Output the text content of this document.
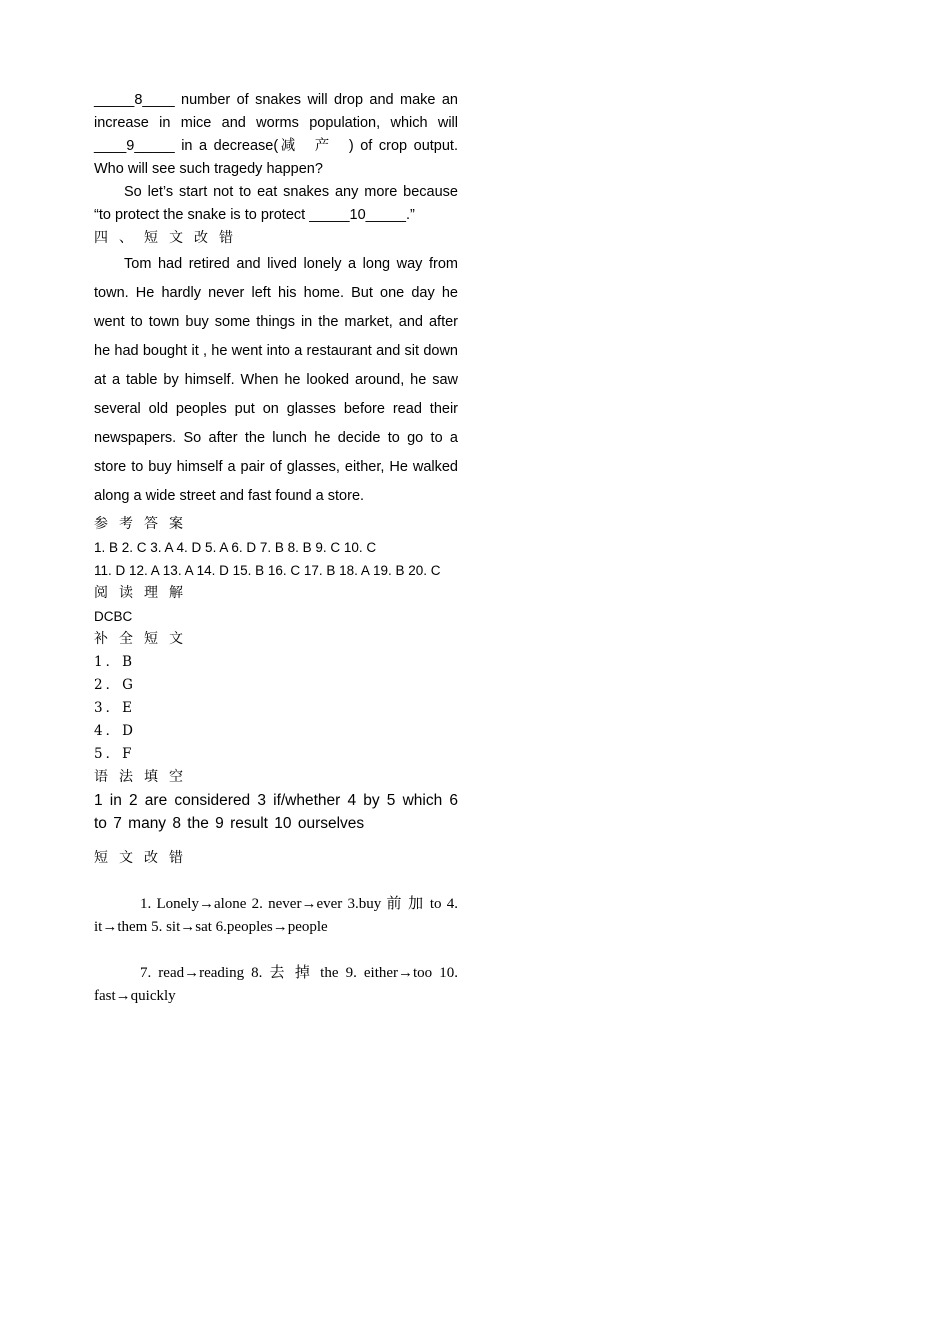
_____8____ number of snakes will drop and make an increase in mice and worms population, which will ____9_____ in a decrease(减　产　) of crop output. Who will see such tragedy happen?

So let’s start not to eat snakes any more because “to protect the snake is to protect _____10_____.”

四、短文改错

Tom had retired and lived lonely a long way from town. He hardly never left his home. But one day he went to town buy some things in the market, and after he had bought it , he went into a restaurant and sit down at a table by himself. When he looked around, he saw several old peoples put on glasses before read their newspapers. So after the lunch he decide to go to a store to buy himself a pair of glasses, either, He walked along a wide street and fast found a store.

参考答案

1. B 2. C 3. A 4. D 5. A 6. D 7. B 8. B 9. C 10. C

11. D 12. A 13. A 14. D 15. B 16. C 17. B 18. A 19. B 20. C

阅读理解

DCBC

补全短文

1．B

2．G

3．E

4．D

5．F

语法填空

1 in 2 are considered 3 if/whether 4 by 5 which 6 to 7 many 8 the 9 result 10 ourselves

短文改错

1. Lonely→alone 2. never→ever 3.buy 前 加 to 4. it→them 5. sit→sat 6.peoples→people

7. read→reading 8. 去 掉 the 9. either→too 10. fast→quickly
